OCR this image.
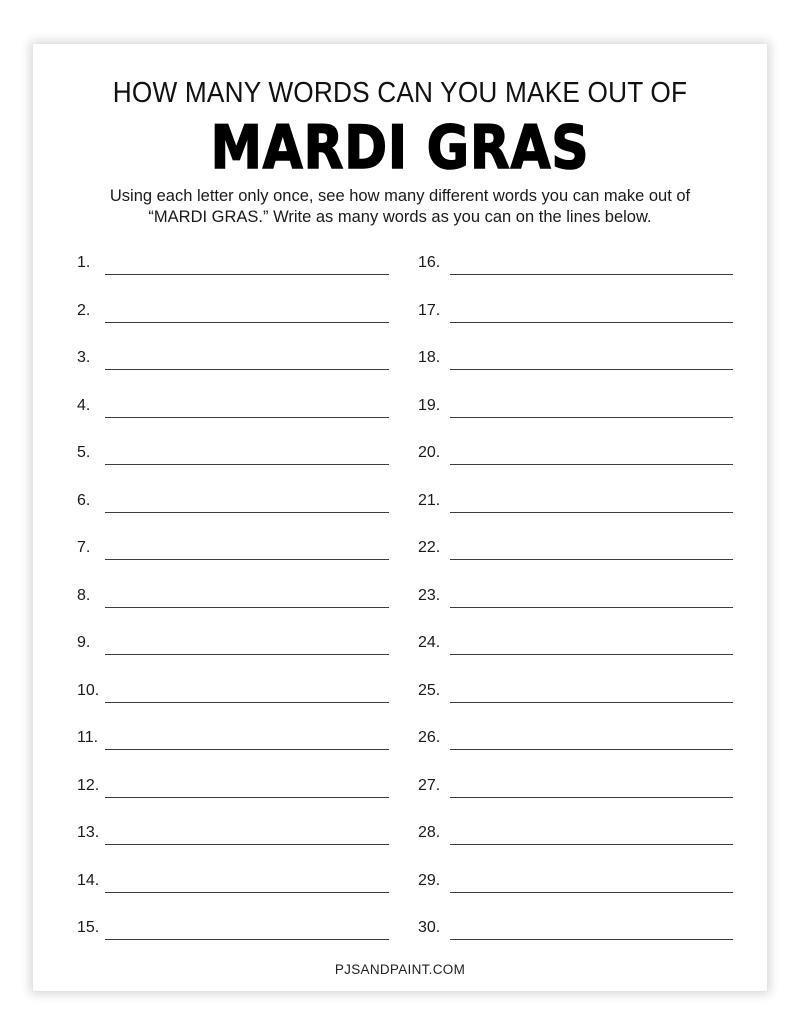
HOW MANY WORDS CAN YOU MAKE OUT OF
MARDI GRAS
Using each letter only once, see how many different words you can make out of
“MARDI GRAS.” Write as many words as you can on the lines below.
1.
2.
3.
4.
5.
6.
7.
8.
9.
10.
11.
12.
13.
14.
15.
16.
17.
18.
19.
20.
21.
22.
23.
24.
25.
26.
27.
28.
29.
30.
PJSANDPAINT.COM
